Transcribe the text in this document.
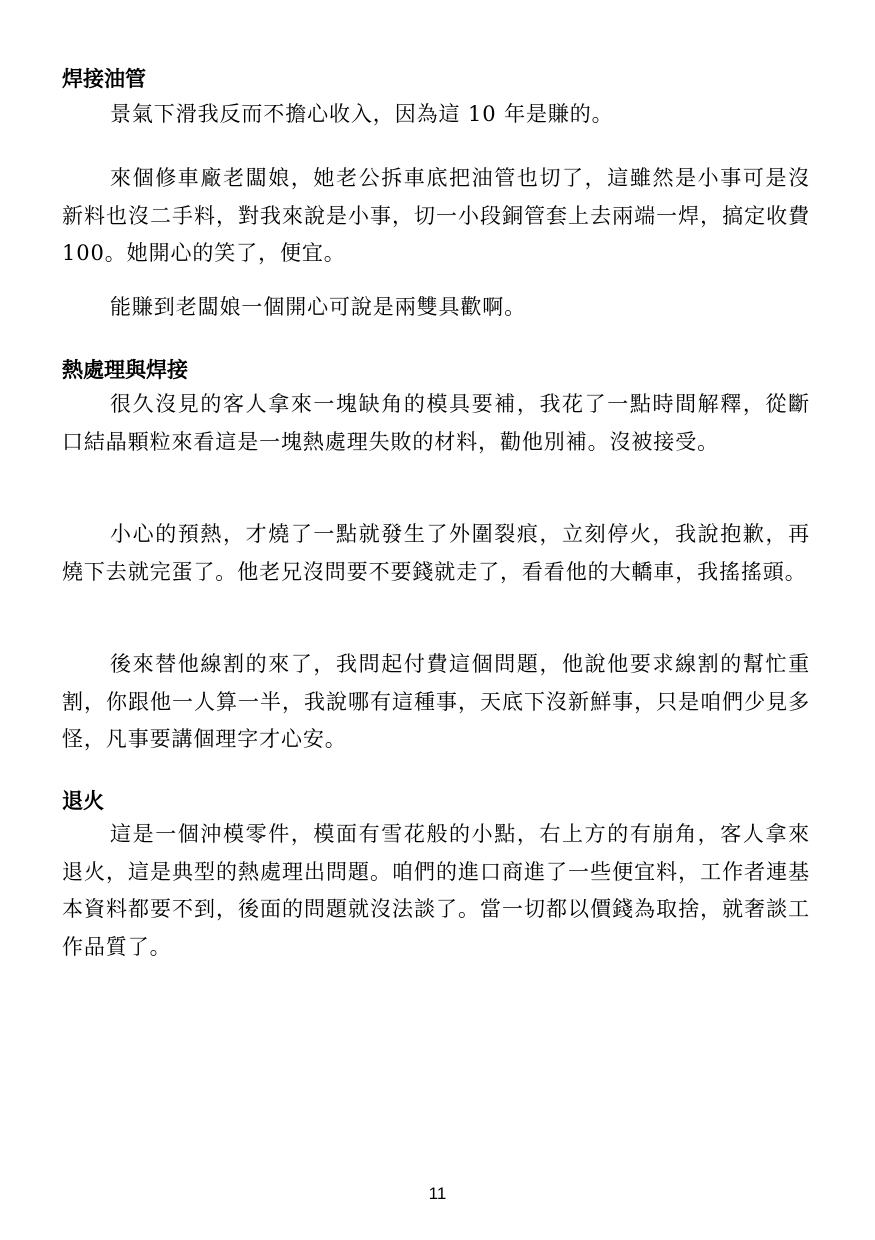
焊接油管

景氣下滑我反而不擔心收入，因為這 10 年是賺的。

來個修車廠老闆娘，她老公拆車底把油管也切了，這雖然是小事可是沒新料也沒二手料，對我來說是小事，切一小段銅管套上去兩端一焊，搞定收費 100。她開心的笑了，便宜。

能賺到老闆娘一個開心可說是兩雙具歡啊。

熱處理與焊接

很久沒見的客人拿來一塊缺角的模具要補，我花了一點時間解釋，從斷口結晶顆粒來看這是一塊熱處理失敗的材料，勸他別補。沒被接受。

小心的預熱，才燒了一點就發生了外圍裂痕，立刻停火，我說抱歉，再燒下去就完蛋了。他老兄沒問要不要錢就走了，看看他的大轎車，我搖搖頭。

後來替他線割的來了，我問起付費這個問題，他說他要求線割的幫忙重割，你跟他一人算一半，我說哪有這種事，天底下沒新鮮事，只是咱們少見多怪，凡事要講個理字才心安。

退火

這是一個沖模零件，模面有雪花般的小點，右上方的有崩角，客人拿來退火，這是典型的熱處理出問題。咱們的進口商進了一些便宜料，工作者連基本資料都要不到，後面的問題就沒法談了。當一切都以價錢為取捨，就奢談工作品質了。

11
